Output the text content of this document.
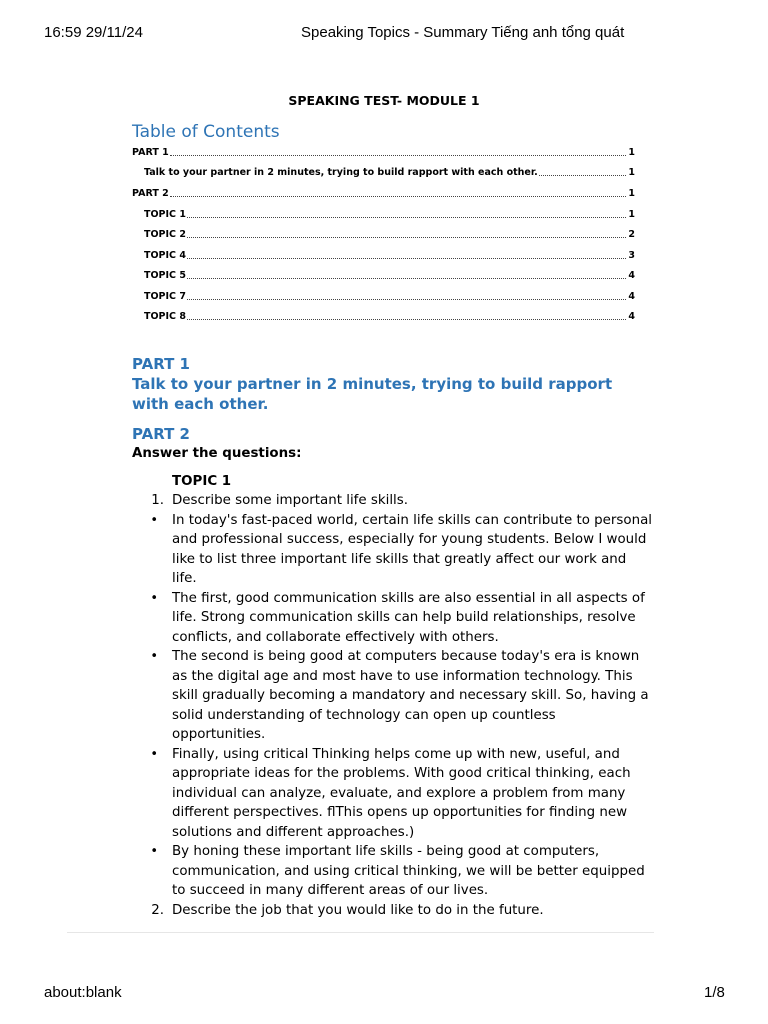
16:59 29/11/24	Speaking Topics - Summary Tiếng anh tổng quát
SPEAKING TEST- MODULE 1
Table of Contents
PART 1	1
Talk to your partner in 2 minutes, trying to build rapport with each other.	1
PART 2	1
TOPIC 1	1
TOPIC 2	2
TOPIC 4	3
TOPIC 5	4
TOPIC 7	4
TOPIC 8	4
PART 1
Talk to your partner in 2 minutes, trying to build rapport with each other.
PART 2
Answer the questions:
TOPIC 1
1. Describe some important life skills.
• In today's fast-paced world, certain life skills can contribute to personal and professional success, especially for young students. Below I would like to list three important life skills that greatly affect our work and life.
• The first, good communication skills are also essential in all aspects of life. Strong communication skills can help build relationships, resolve conflicts, and collaborate effectively with others.
• The second is being good at computers because today's era is known as the digital age and most have to use information technology. This skill gradually becoming a mandatory and necessary skill. So, having a solid understanding of technology can open up countless opportunities.
• Finally, using critical Thinking helps come up with new, useful, and appropriate ideas for the problems. With good critical thinking, each individual can analyze, evaluate, and explore a problem from many different perspectives. ﬂThis opens up opportunities for finding new solutions and different approaches.)
• By honing these important life skills - being good at computers, communication, and using critical thinking, we will be better equipped to succeed in many different areas of our lives.
2. Describe the job that you would like to do in the future.
about:blank	1/8
